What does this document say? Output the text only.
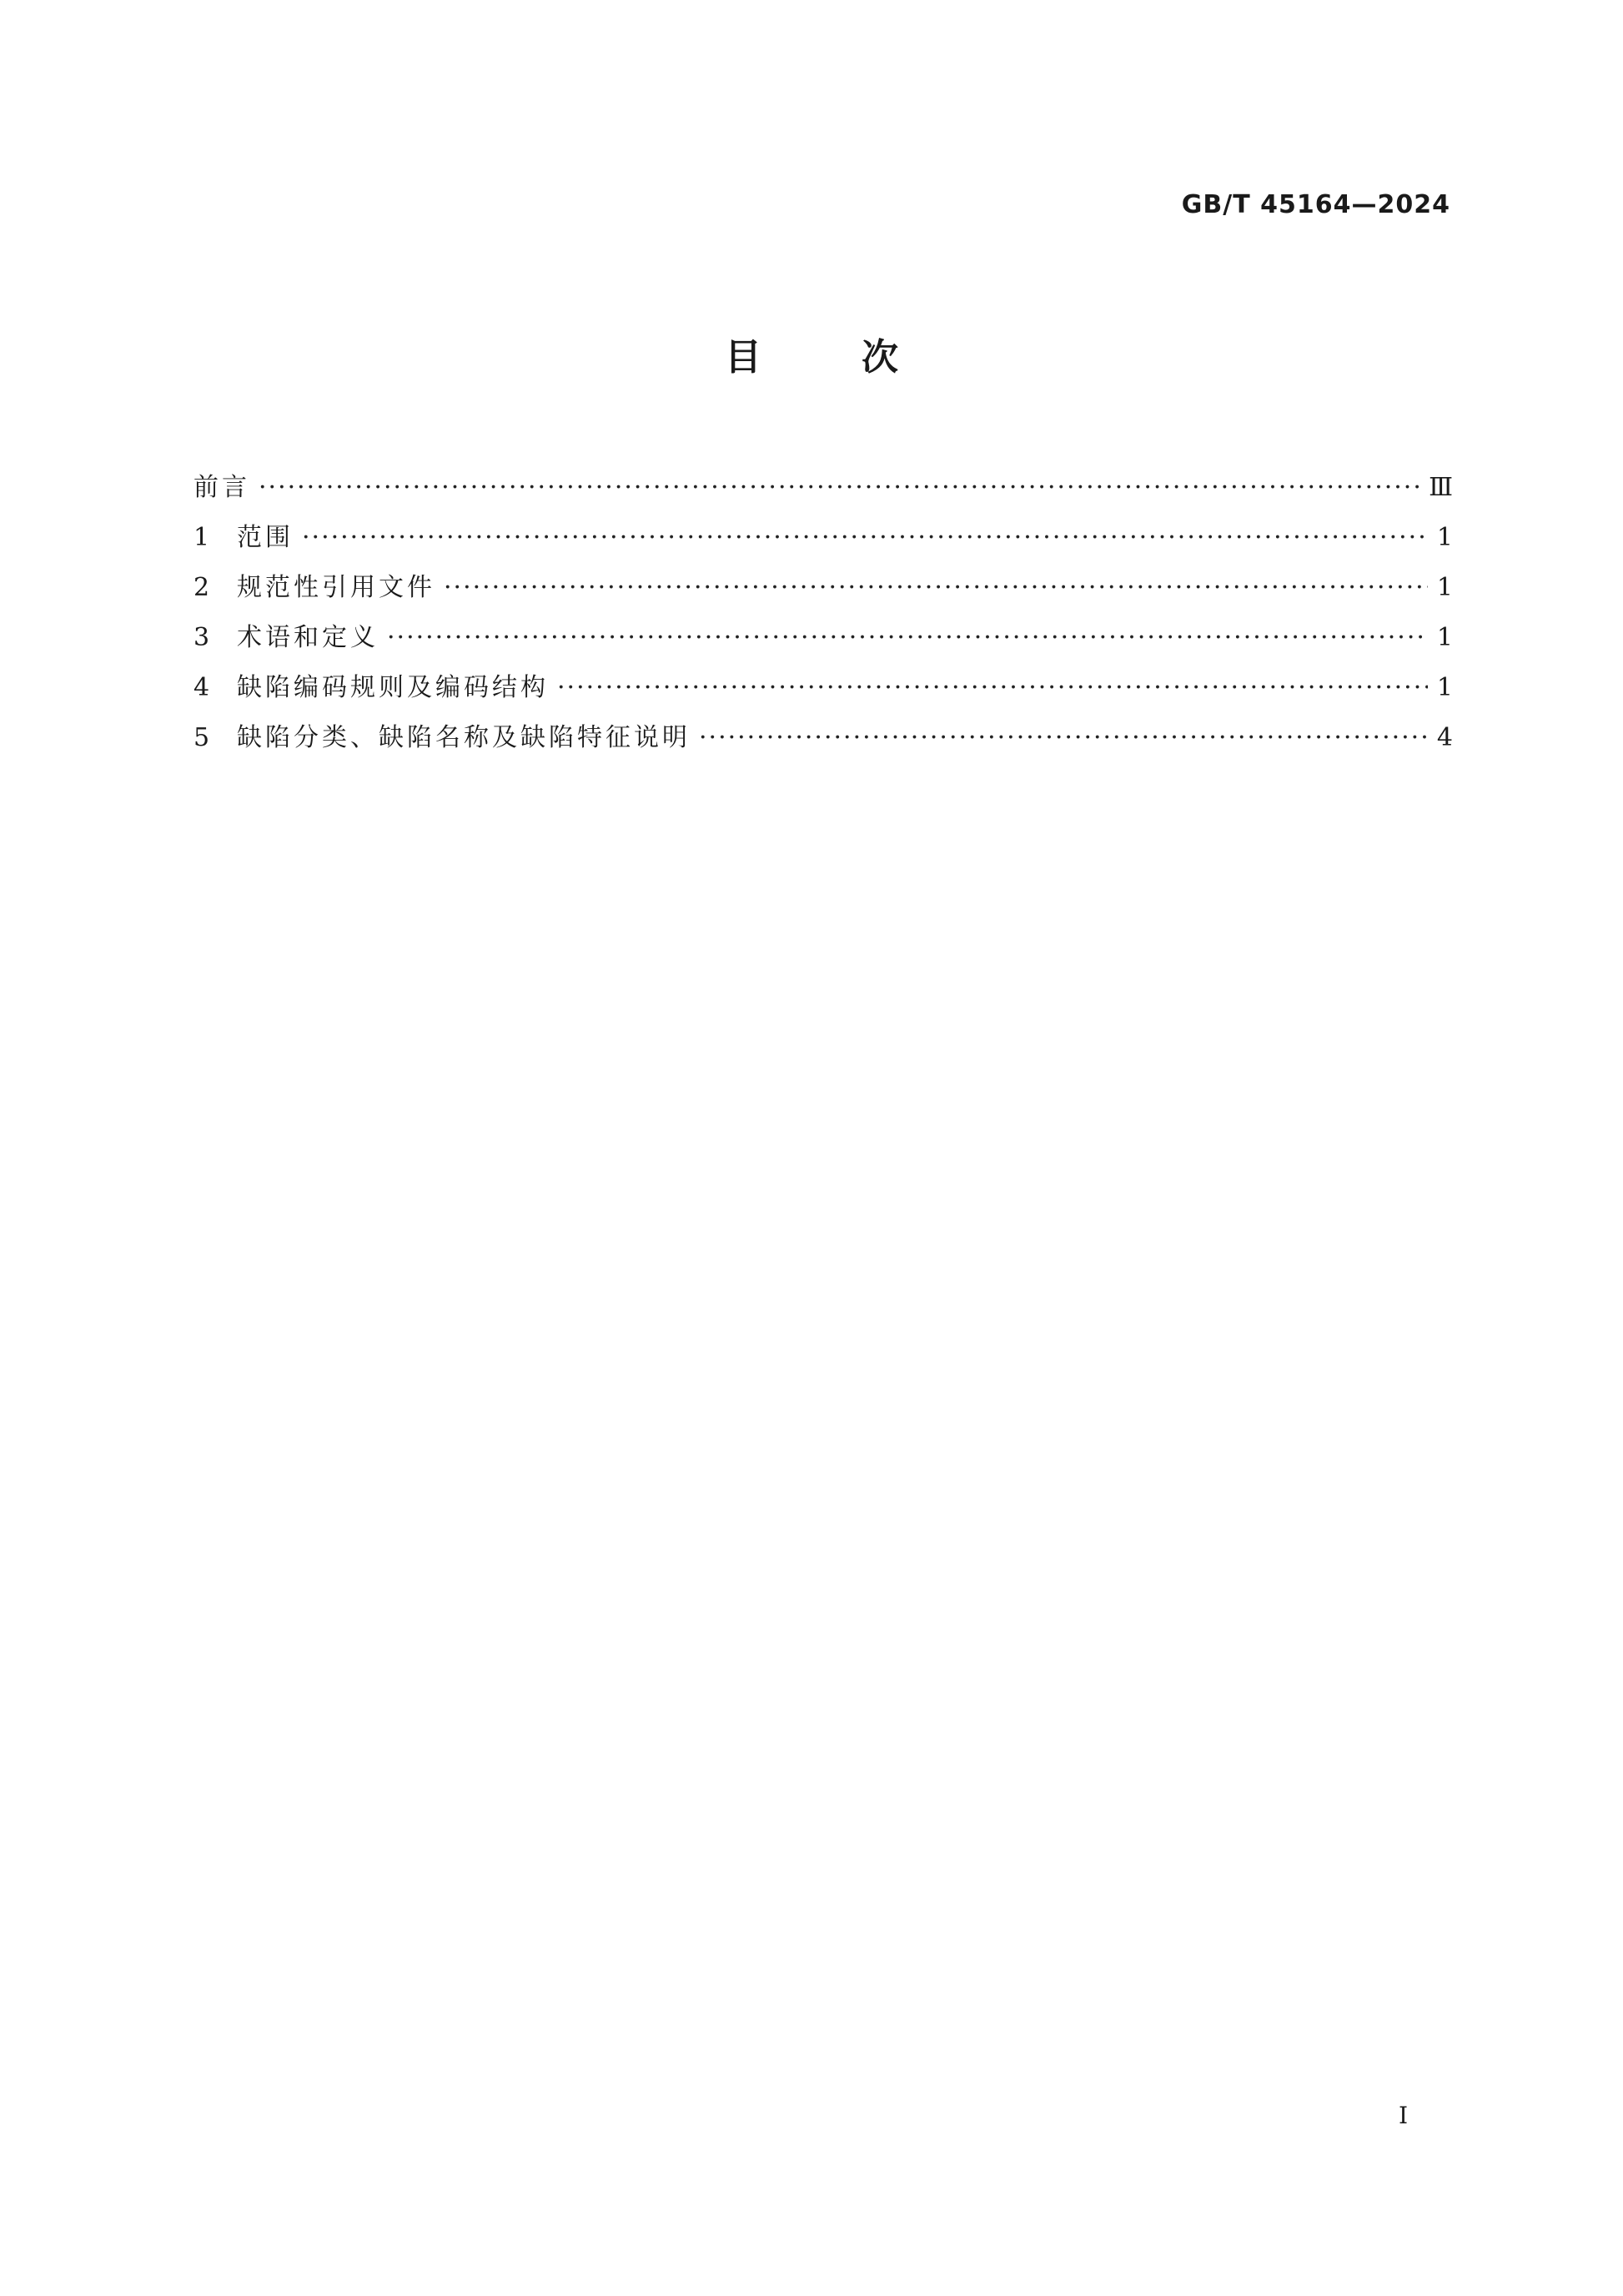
GB/T 45164—2024
目	次
前言 ·····	Ⅲ
1	范围 ·····	1
2	规范性引用文件 ·····	1
3	术语和定义 ·····	1
4	缺陷编码规则及编码结构 ·····	1
5	缺陷分类、缺陷名称及缺陷特征说明 ·····	4
I
